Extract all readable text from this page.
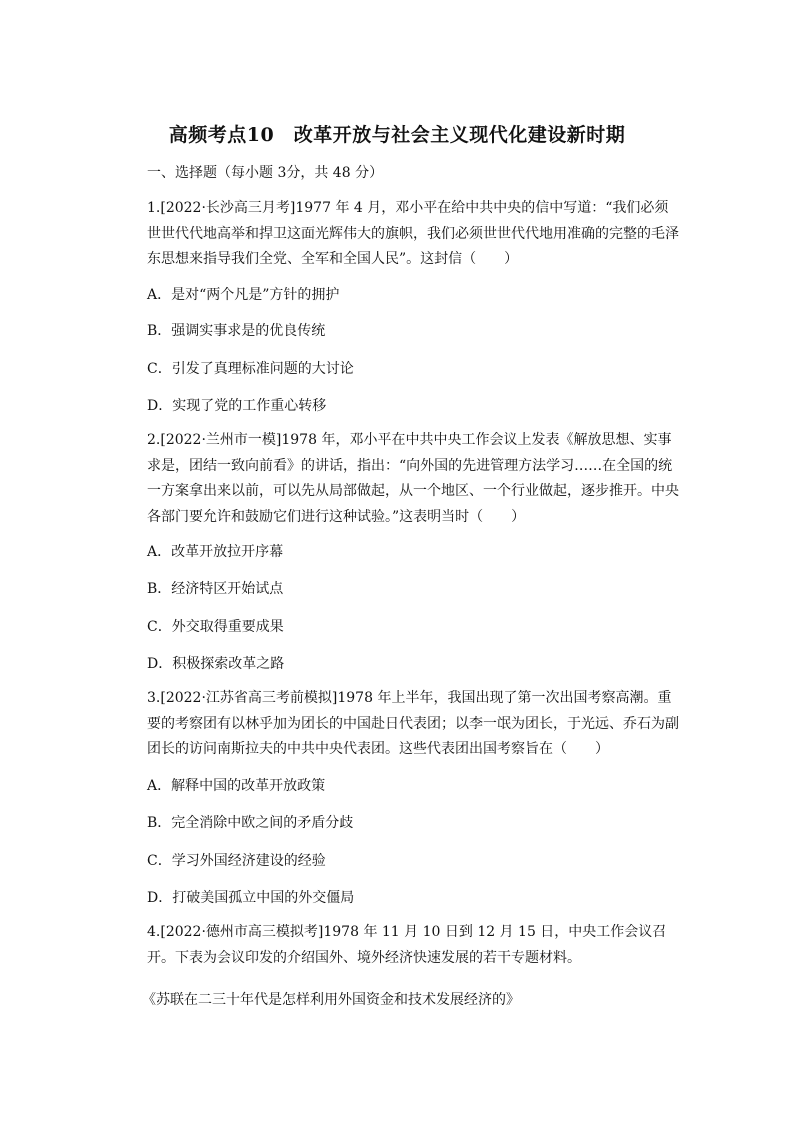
高频考点10　改革开放与社会主义现代化建设新时期
一、选择题（每小题 3分，共 48 分）
1.[2022·长沙高三月考]1977 年 4 月，邓小平在给中共中央的信中写道：“我们必须世世代代地高举和捍卫这面光辉伟大的旗帜，我们必须世世代代地用准确的完整的毛泽东思想来指导我们全党、全军和全国人民”。这封信（　　）
A．是对“两个凡是”方针的拥护
B．强调实事求是的优良传统
C．引发了真理标准问题的大讨论
D．实现了党的工作重心转移
2.[2022·兰州市一模]1978 年，邓小平在中共中央工作会议上发表《解放思想、实事求是，团结一致向前看》的讲话，指出：“向外国的先进管理方法学习……在全国的统一方案拿出来以前，可以先从局部做起，从一个地区、一个行业做起，逐步推开。中央各部门要允许和鼓励它们进行这种试验。”这表明当时（　　）
A．改革开放拉开序幕
B．经济特区开始试点
C．外交取得重要成果
D．积极探索改革之路
3.[2022·江苏省高三考前模拟]1978 年上半年，我国出现了第一次出国考察高潮。重要的考察团有以林乎加为团长的中国赴日代表团；以李一氓为团长，于光远、乔石为副团长的访问南斯拉夫的中共中央代表团。这些代表团出国考察旨在（　　）
A．解释中国的改革开放政策
B．完全消除中欧之间的矛盾分歧
C．学习外国经济建设的经验
D．打破美国孤立中国的外交僵局
4.[2022·德州市高三模拟考]1978 年 11 月 10 日到 12 月 15 日，中央工作会议召开。下表为会议印发的介绍国外、境外经济快速发展的若干专题材料。
《苏联在二三十年代是怎样利用外国资金和技术发展经济的》
